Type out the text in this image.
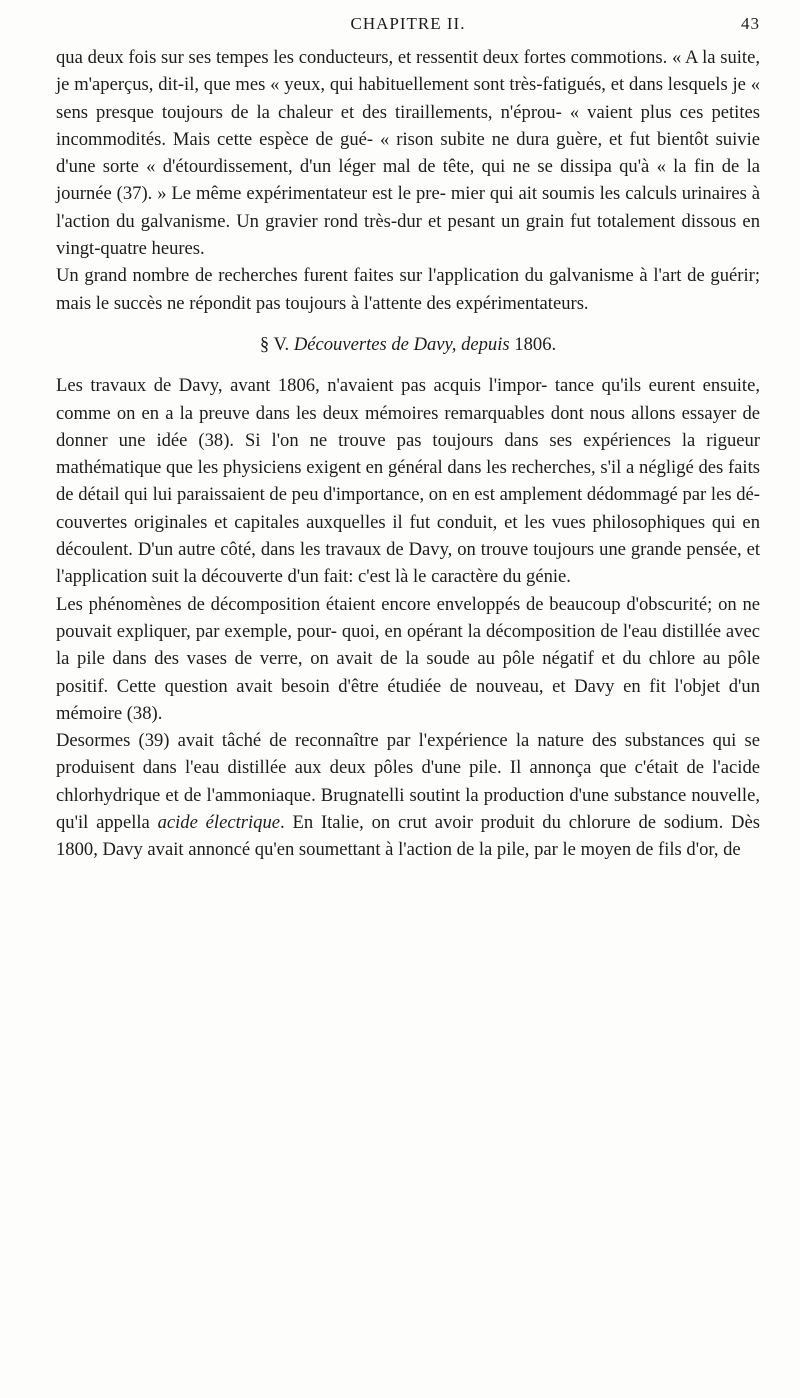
CHAPITRE II.	43

qua deux fois sur ses tempes les conducteurs, et ressentit deux fortes commotions. « A la suite, je m'aperçus, dit-il, que mes « yeux, qui habituellement sont très-fatigués, et dans lesquels je « sens presque toujours de la chaleur et des tiraillements, n'éprou- « vaient plus ces petites incommodités. Mais cette espèce de gué- « rison subite ne dura guère, et fut bientôt suivie d'une sorte « d'étourdissement, d'un léger mal de tête, qui ne se dissipa qu'à « la fin de la journée (37). » Le même expérimentateur est le pre- mier qui ait soumis les calculs urinaires à l'action du galvanisme. Un gravier rond très-dur et pesant un grain fut totalement dissous en vingt-quatre heures.

Un grand nombre de recherches furent faites sur l'application du galvanisme à l'art de guérir; mais le succès ne répondit pas toujours à l'attente des expérimentateurs.

§ V. Découvertes de Davy, depuis 1806.

Les travaux de Davy, avant 1806, n'avaient pas acquis l'impor- tance qu'ils eurent ensuite, comme on en a la preuve dans les deux mémoires remarquables dont nous allons essayer de donner une idée (38). Si l'on ne trouve pas toujours dans ses expériences la rigueur mathématique que les physiciens exigent en général dans les recherches, s'il a négligé des faits de détail qui lui paraissaient de peu d'importance, on en est amplement dédommagé par les dé- couvertes originales et capitales auxquelles il fut conduit, et les vues philosophiques qui en découlent. D'un autre côté, dans les travaux de Davy, on trouve toujours une grande pensée, et l'application suit la découverte d'un fait: c'est là le caractère du génie.

Les phénomènes de décomposition étaient encore enveloppés de beaucoup d'obscurité; on ne pouvait expliquer, par exemple, pour- quoi, en opérant la décomposition de l'eau distillée avec la pile dans des vases de verre, on avait de la soude au pôle négatif et du chlore au pôle positif. Cette question avait besoin d'être étudiée de nouveau, et Davy en fit l'objet d'un mémoire (38).

Desormes (39) avait tâché de reconnaître par l'expérience la nature des substances qui se produisent dans l'eau distillée aux deux pôles d'une pile. Il annonça que c'était de l'acide chlorhydrique et de l'ammoniaque. Brugnatelli soutint la production d'une substance nouvelle, qu'il appella acide électrique. En Italie, on crut avoir produit du chlorure de sodium. Dès 1800, Davy avait annoncé qu'en soumettant à l'action de la pile, par le moyen de fils d'or, de
